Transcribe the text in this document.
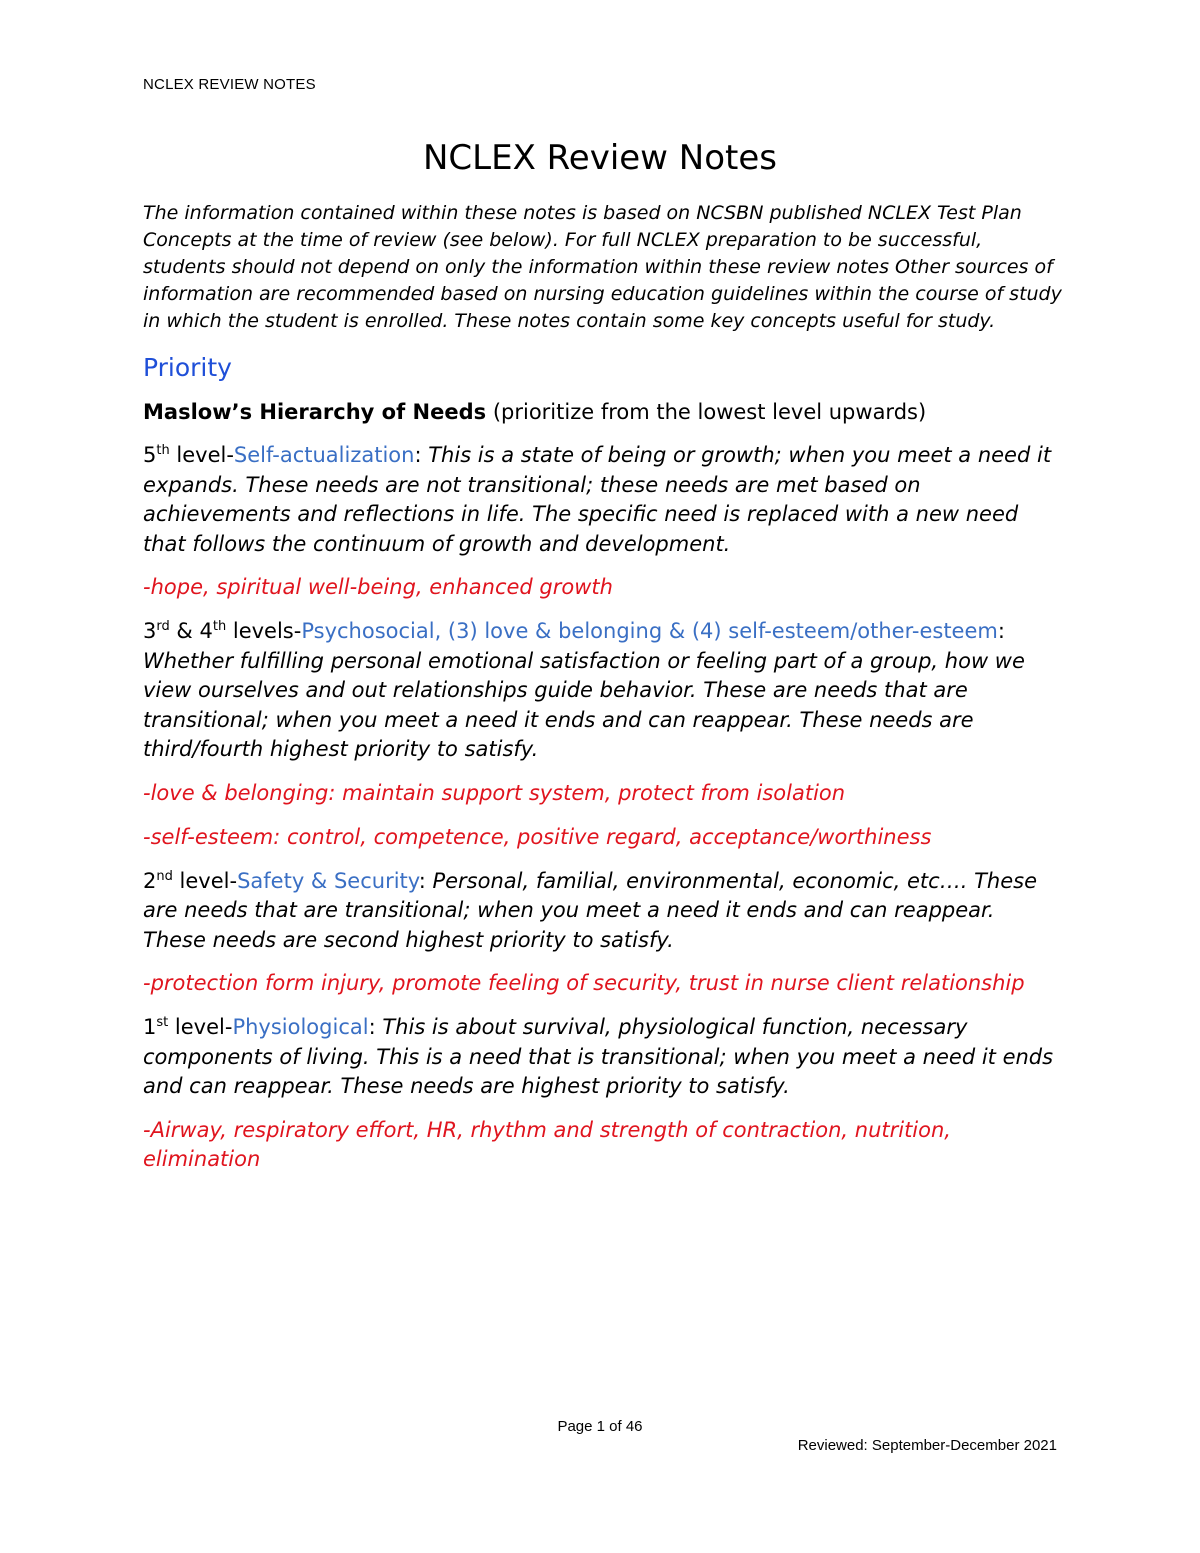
NCLEX REVIEW NOTES
NCLEX Review Notes

The information contained within these notes is based on NCSBN published NCLEX Test Plan Concepts at the time of review (see below). For full NCLEX preparation to be successful, students should not depend on only the information within these review notes Other sources of information are recommended based on nursing education guidelines within the course of study in which the student is enrolled. These notes contain some key concepts useful for study.

Priority

Maslow’s Hierarchy of Needs (prioritize from the lowest level upwards)

5th level-Self-actualization: This is a state of being or growth; when you meet a need it expands. These needs are not transitional; these needs are met based on achievements and reflections in life. The specific need is replaced with a new need that follows the continuum of growth and development.

-hope, spiritual well-being, enhanced growth

3rd & 4th levels-Psychosocial, (3) love & belonging & (4) self-esteem/other-esteem: Whether fulfilling personal emotional satisfaction or feeling part of a group, how we view ourselves and out relationships guide behavior. These are needs that are transitional; when you meet a need it ends and can reappear. These needs are third/fourth highest priority to satisfy.

-love & belonging: maintain support system, protect from isolation

-self-esteem: control, competence, positive regard, acceptance/worthiness

2nd level-Safety & Security: Personal, familial, environmental, economic, etc…. These are needs that are transitional; when you meet a need it ends and can reappear. These needs are second highest priority to satisfy.

-protection form injury, promote feeling of security, trust in nurse client relationship

1st level-Physiological: This is about survival, physiological function, necessary components of living. This is a need that is transitional; when you meet a need it ends and can reappear. These needs are highest priority to satisfy.

-Airway, respiratory effort, HR, rhythm and strength of contraction, nutrition, elimination

Page 1 of 46
Reviewed: September-December 2021
